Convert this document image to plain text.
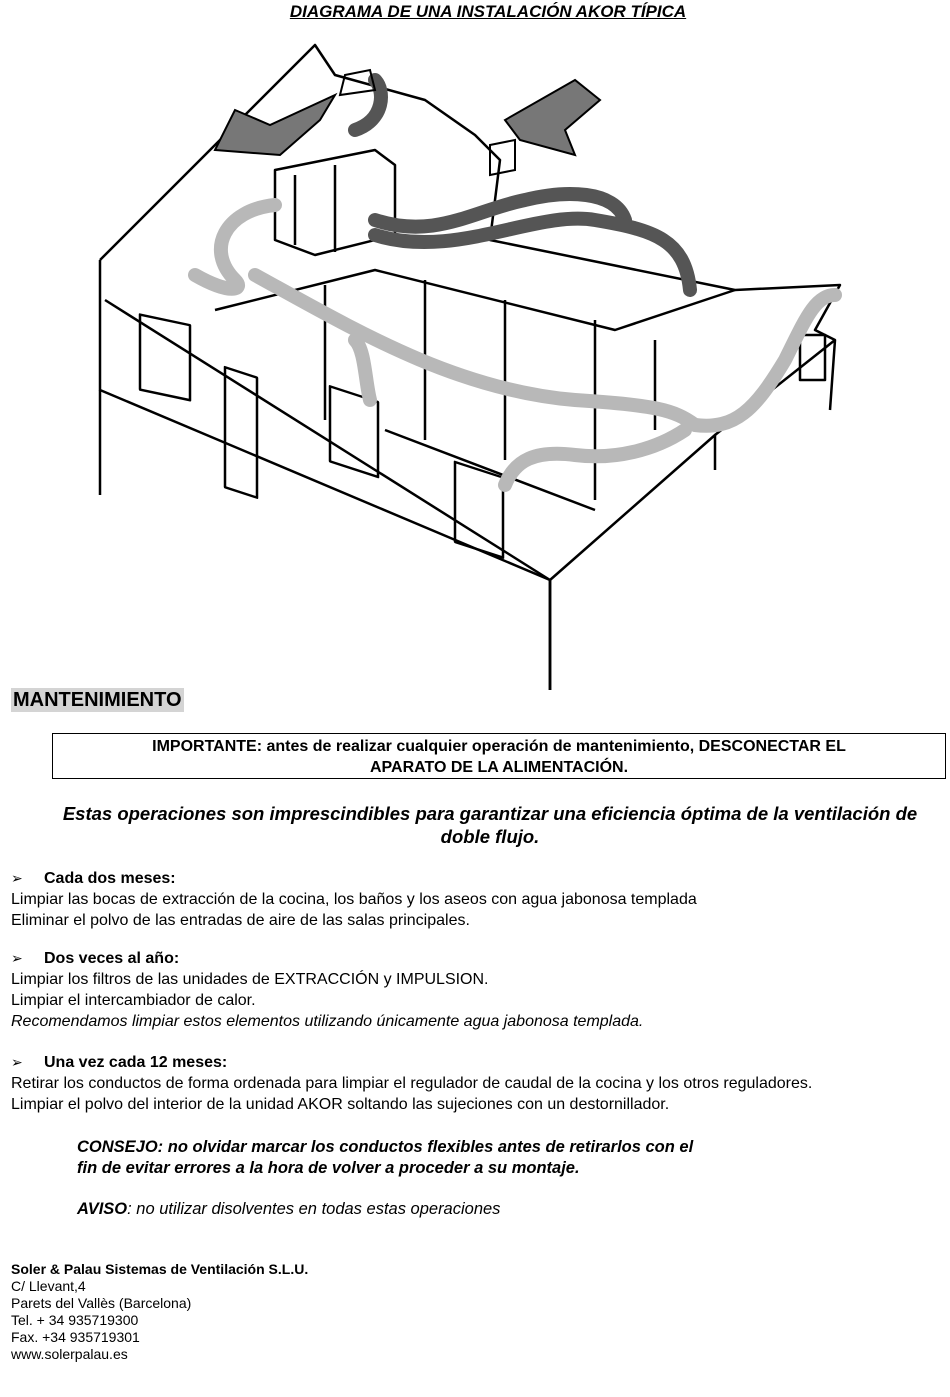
DIAGRAMA DE UNA INSTALACIÓN AKOR TÍPICA
MANTENIMIENTO
IMPORTANTE: antes de realizar cualquier operación de mantenimiento, DESCONECTAR EL
APARATO DE LA ALIMENTACIÓN.
Estas operaciones son imprescindibles para garantizar una eficiencia óptima de la ventilación de
doble flujo.
➢ Cada dos meses:
Limpiar las bocas de extracción de la cocina, los baños y los aseos con agua jabonosa templada
Eliminar el polvo de las entradas de aire de las salas principales.
➢ Dos veces al año:
Limpiar los filtros de las unidades de EXTRACCIÓN y IMPULSION.
Limpiar el intercambiador de calor.
Recomendamos limpiar estos elementos utilizando únicamente agua jabonosa templada.
➢ Una vez cada 12 meses:
Retirar los conductos de forma ordenada para limpiar el regulador de caudal de la cocina y los otros reguladores.
Limpiar el polvo del interior de la unidad AKOR soltando las sujeciones con un destornillador.
CONSEJO: no olvidar marcar los conductos flexibles antes de retirarlos con el
fin de evitar errores a la hora de volver a proceder a su montaje.
AVISO: no utilizar disolventes en todas estas operaciones
Soler & Palau Sistemas de Ventilación S.L.U.
C/ Llevant,4
Parets del Vallès (Barcelona)
Tel. + 34 935719300
Fax. +34 935719301
www.solerpalau.es
